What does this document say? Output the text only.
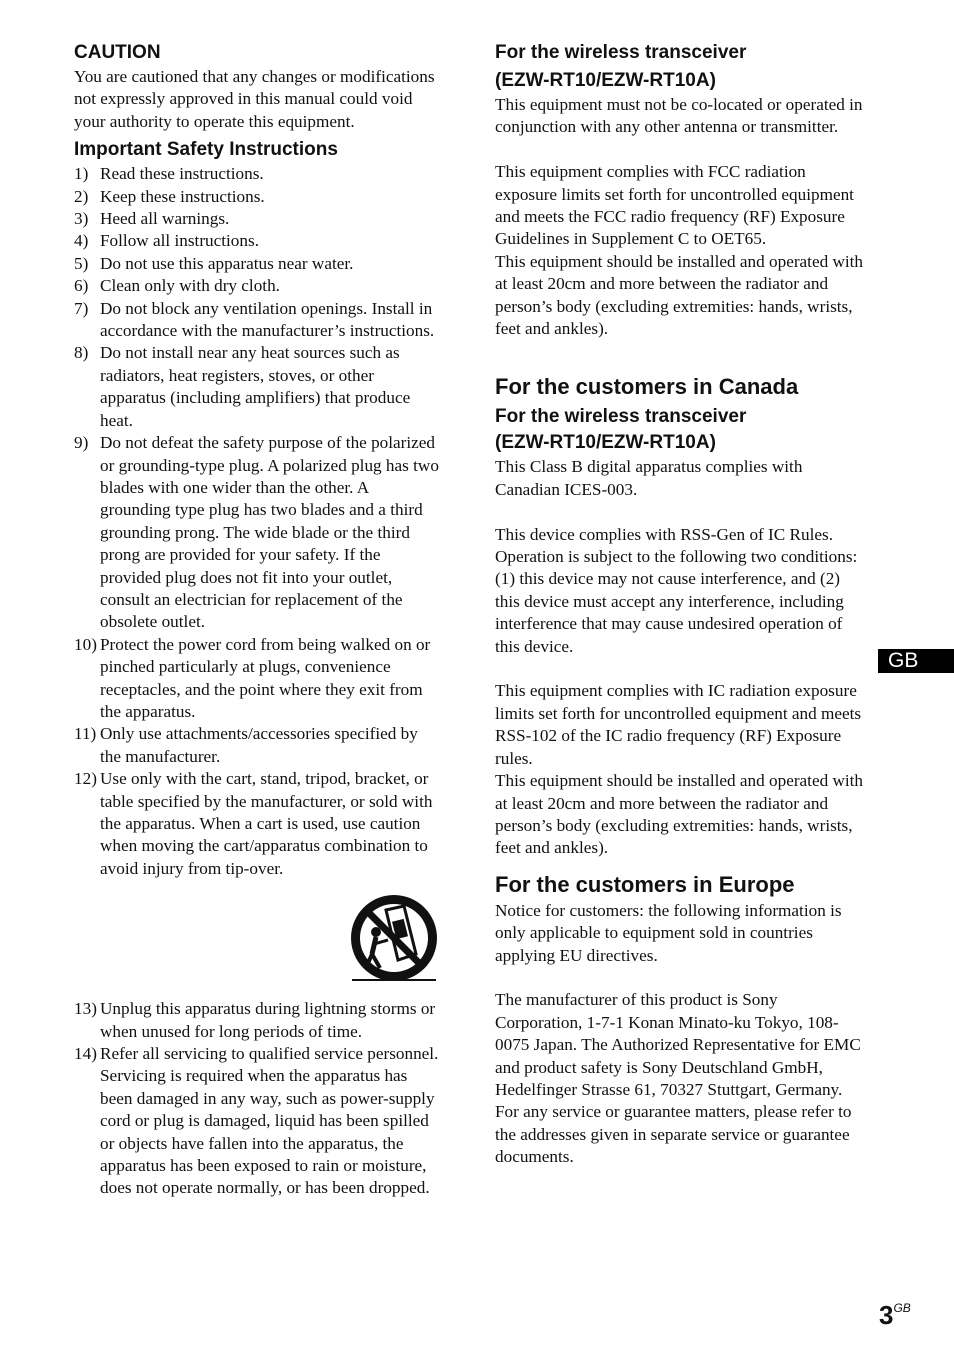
CAUTION

You are cautioned that any changes or modifications not expressly approved in this manual could void your authority to operate this equipment.

Important Safety Instructions
1) Read these instructions.
2) Keep these instructions.
3) Heed all warnings.
4) Follow all instructions.
5) Do not use this apparatus near water.
6) Clean only with dry cloth.
7) Do not block any ventilation openings. Install in accordance with the manufacturer’s instructions.
8) Do not install near any heat sources such as radiators, heat registers, stoves, or other apparatus (including amplifiers) that produce heat.
9) Do not defeat the safety purpose of the polarized or grounding-type plug. A polarized plug has two blades with one wider than the other. A grounding type plug has two blades and a third grounding prong. The wide blade or the third prong are provided for your safety. If the provided plug does not fit into your outlet, consult an electrician for replacement of the obsolete outlet.
10) Protect the power cord from being walked on or pinched particularly at plugs, convenience receptacles, and the point where they exit from the apparatus.
11) Only use attachments/accessories specified by the manufacturer.
12) Use only with the cart, stand, tripod, bracket, or table specified by the manufacturer, or sold with the apparatus. When a cart is used, use caution when moving the cart/apparatus combination to avoid injury from tip-over.
13) Unplug this apparatus during lightning storms or when unused for long periods of time.
14) Refer all servicing to qualified service personnel. Servicing is required when the apparatus has been damaged in any way, such as power-supply cord or plug is damaged, liquid has been spilled or objects have fallen into the apparatus, the apparatus has been exposed to rain or moisture, does not operate normally, or has been dropped.
For the wireless transceiver
(EZW-RT10/EZW-RT10A)

This equipment must not be co-located or operated in conjunction with any other antenna or transmitter.

This equipment complies with FCC radiation exposure limits set forth for uncontrolled equipment and meets the FCC radio frequency (RF) Exposure Guidelines in Supplement C to OET65.

This equipment should be installed and operated with at least 20cm and more between the radiator and person’s body (excluding extremities: hands, wrists, feet and ankles).

For the customers in Canada
For the wireless transceiver
(EZW-RT10/EZW-RT10A)

This Class B digital apparatus complies with Canadian ICES-003.

This device complies with RSS-Gen of IC Rules. Operation is subject to the following two conditions: (1) this device may not cause interference, and (2) this device must accept any interference, including interference that may cause undesired operation of this device.

This equipment complies with IC radiation exposure limits set forth for uncontrolled equipment and meets RSS-102 of the IC radio frequency (RF) Exposure rules.

This equipment should be installed and operated with at least 20cm and more between the radiator and person’s body (excluding extremities: hands, wrists, feet and ankles).

For the customers in Europe

Notice for customers: the following information is only applicable to equipment sold in countries applying EU directives.

The manufacturer of this product is Sony Corporation, 1-7-1 Konan Minato-ku Tokyo, 108-0075 Japan. The Authorized Representative for EMC and product safety is Sony Deutschland GmbH, Hedelfinger Strasse 61, 70327 Stuttgart, Germany. For any service or guarantee matters, please refer to the addresses given in separate service or guarantee documents.

GB
$3^{GB}$
